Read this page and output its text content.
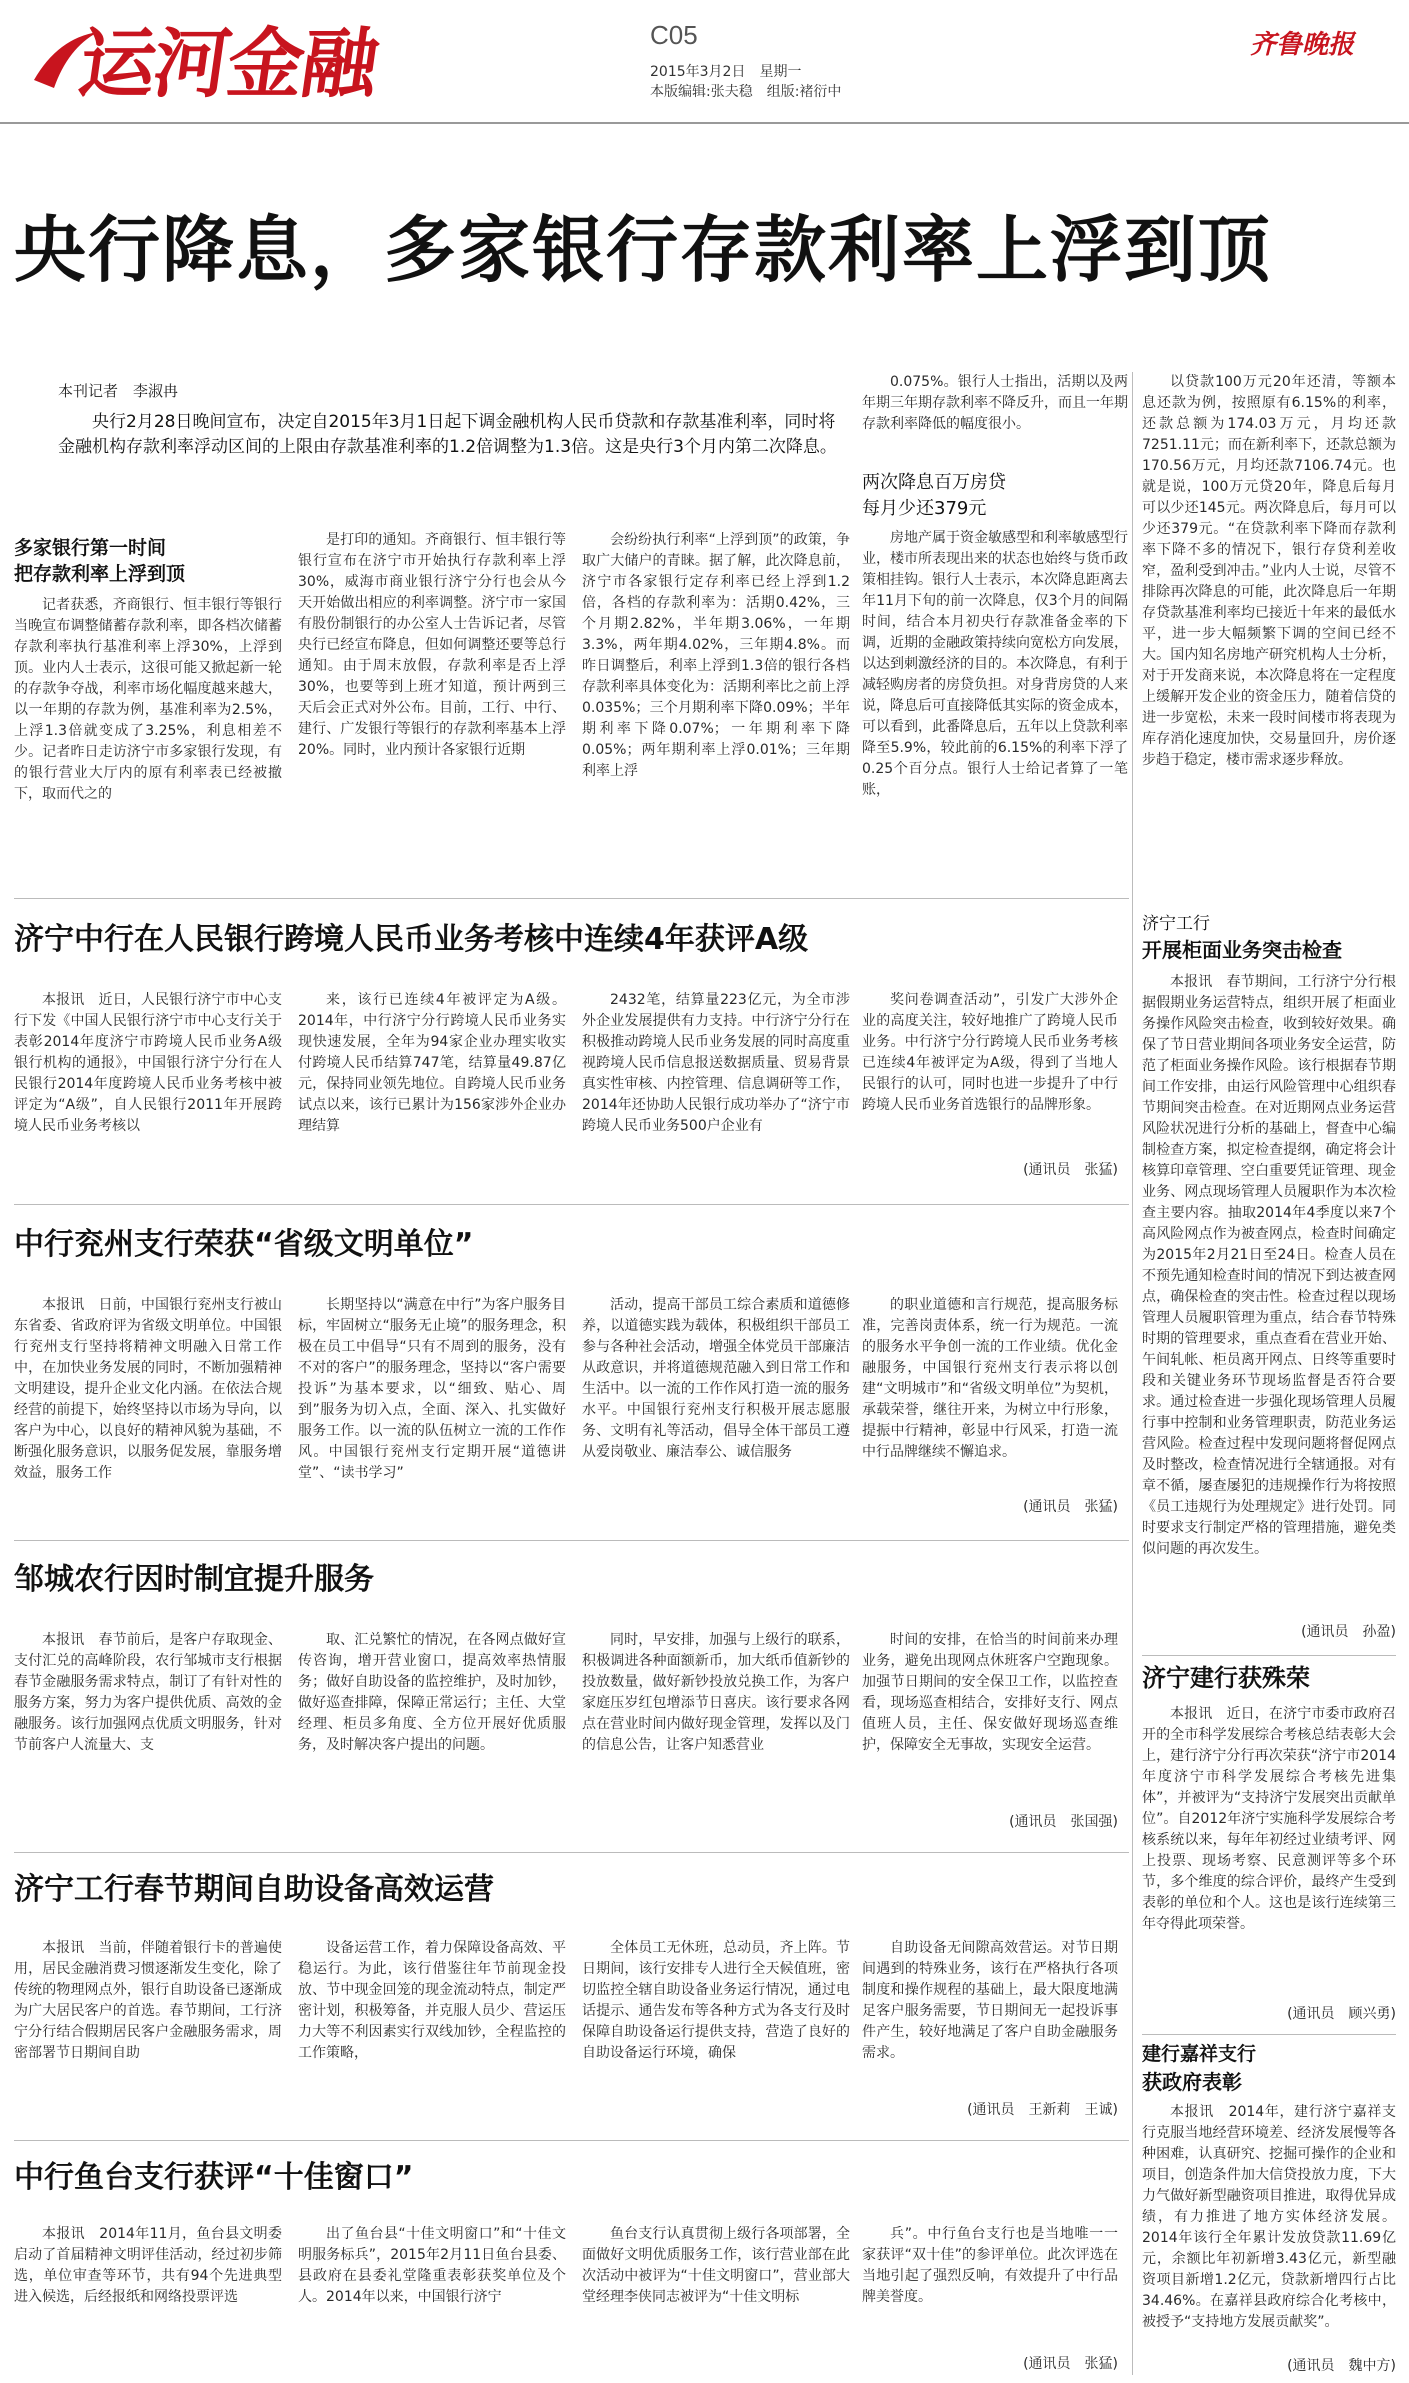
运河金融	C05
2015年3月2日　星期一
本版编辑:张夫稳　组版:褚衍中
齐鲁晚报
央行降息，多家银行存款利率上浮到顶
本刊记者　李淑冉
央行2月28日晚间宣布，决定自2015年3月1日起下调金融机构人民币贷款和存款基准利率，同时将金融机构存款利率浮动区间的上限由存款基准利率的1.2倍调整为1.3倍。这是央行3个月内第二次降息。
多家银行第一时间
把存款利率上浮到顶

记者获悉，齐商银行、恒丰银行等银行当晚宣布调整储蓄存款利率，即各档次储蓄存款利率执行基准利率上浮30%，上浮到顶。业内人士表示，这很可能又掀起新一轮的存款争夺战，利率市场化幅度越来越大，以一年期的存款为例，基准利率为2.5%，上浮1.3倍就变成了3.25%，利息相差不少。记者昨日走访济宁市多家银行发现，有的银行营业大厅内的原有利率表已经被撤下，取而代之的

是打印的通知。齐商银行、恒丰银行等银行宣布在济宁市开始执行存款利率上浮30%，威海市商业银行济宁分行也会从今天开始做出相应的利率调整。济宁市一家国有股份制银行的办公室人士告诉记者，尽管央行已经宣布降息，但如何调整还要等总行通知。由于周末放假，存款利率是否上浮30%，也要等到上班才知道，预计两到三天后会正式对外公布。目前，工行、中行、建行、广发银行等银行的存款利率基本上浮20%。同时，业内预计各家银行近期

会纷纷执行利率“上浮到顶”的政策，争取广大储户的青睐。据了解，此次降息前，济宁市各家银行定存利率已经上浮到1.2倍，各档的存款利率为：活期0.42%，三个月期2.82%，半年期3.06%，一年期3.3%，两年期4.02%，三年期4.8%。而昨日调整后，利率上浮到1.3倍的银行各档存款利率具体变化为：活期利率比之前上浮0.035%；三个月期利率下降0.09%；半年期利率下降0.07%；一年期利率下降0.05%；两年期利率上浮0.01%；三年期利率上浮

0.075%。银行人士指出，活期以及两年期三年期存款利率不降反升，而且一年期存款利率降低的幅度很小。

两次降息百万房贷
每月少还379元

房地产属于资金敏感型和利率敏感型行业，楼市所表现出来的状态也始终与货币政策相挂钩。银行人士表示，本次降息距离去年11月下旬的前一次降息，仅3个月的间隔时间，结合本月初央行存款准备金率的下调，近期的金融政策持续向宽松方向发展，以达到刺激经济的目的。本次降息，有利于减轻购房者的房贷负担。对身背房贷的人来说，降息后可直接降低其实际的资金成本，可以看到，此番降息后，五年以上贷款利率降至5.9%，较此前的6.15%的利率下浮了0.25个百分点。银行人士给记者算了一笔账，

以贷款100万元20年还清，等额本息还款为例，按照原有6.15%的利率，还款总额为174.03万元，月均还款7251.11元；而在新利率下，还款总额为170.56万元，月均还款7106.74元。也就是说，100万元贷20年，降息后每月可以少还145元。两次降息后，每月可以少还379元。“在贷款利率下降而存款利率下降不多的情况下，银行存贷利差收窄，盈利受到冲击。”业内人士说，尽管不排除再次降息的可能，此次降息后一年期存贷款基准利率均已接近十年来的最低水平，进一步大幅频繁下调的空间已经不大。国内知名房地产研究机构人士分析，对于开发商来说，本次降息将在一定程度上缓解开发企业的资金压力，随着信贷的进一步宽松，未来一段时间楼市将表现为库存消化速度加快，交易量回升，房价逐步趋于稳定，楼市需求逐步释放。

济宁中行在人民银行跨境人民币业务考核中连续4年获评A级

本报讯　近日，人民银行济宁市中心支行下发《中国人民银行济宁市中心支行关于表彰2014年度济宁市跨境人民币业务A级银行机构的通报》，中国银行济宁分行在人民银行2014年度跨境人民币业务考核中被评定为“A级”，自人民银行2011年开展跨境人民币业务考核以

来，该行已连续4年被评定为A级。2014年，中行济宁分行跨境人民币业务实现快速发展，全年为94家企业办理实收实付跨境人民币结算747笔，结算量49.87亿元，保持同业领先地位。自跨境人民币业务试点以来，该行已累计为156家涉外企业办理结算

2432笔，结算量223亿元，为全市涉外企业发展提供有力支持。中行济宁分行在积极推动跨境人民币业务发展的同时高度重视跨境人民币信息报送数据质量、贸易背景真实性审核、内控管理、信息调研等工作，2014年还协助人民银行成功举办了“济宁市跨境人民币业务500户企业有

奖问卷调查活动”，引发广大涉外企业的高度关注，较好地推广了跨境人民币业务。中行济宁分行跨境人民币业务考核已连续4年被评定为A级，得到了当地人民银行的认可，同时也进一步提升了中行跨境人民币业务首选银行的品牌形象。

(通讯员　张猛)
中行兖州支行荣获“省级文明单位”

本报讯　日前，中国银行兖州支行被山东省委、省政府评为省级文明单位。中国银行兖州支行坚持将精神文明融入日常工作中，在加快业务发展的同时，不断加强精神文明建设，提升企业文化内涵。在依法合规经营的前提下，始终坚持以市场为导向，以客户为中心，以良好的精神风貌为基础，不断强化服务意识，以服务促发展，靠服务增效益，服务工作

长期坚持以“满意在中行”为客户服务目标，牢固树立“服务无止境”的服务理念，积极在员工中倡导“只有不周到的服务，没有不对的客户”的服务理念，坚持以“客户需要投诉”为基本要求，以“细致、贴心、周到”服务为切入点，全面、深入、扎实做好服务工作。以一流的队伍树立一流的工作作风。中国银行兖州支行定期开展“道德讲堂”、“读书学习”

活动，提高干部员工综合素质和道德修养，以道德实践为载体，积极组织干部员工参与各种社会活动，增强全体党员干部廉洁从政意识，并将道德规范融入到日常工作和生活中。以一流的工作作风打造一流的服务水平。中国银行兖州支行积极开展志愿服务、文明有礼等活动，倡导全体干部员工遵从爱岗敬业、廉洁奉公、诚信服务

的职业道德和言行规范，提高服务标准，完善岗责体系，统一行为规范。一流的服务水平争创一流的工作业绩。优化金融服务，中国银行兖州支行表示将以创建“文明城市”和“省级文明单位”为契机，承载荣誉，继往开来，为树立中行形象，提振中行精神，彰显中行风采，打造一流中行品牌继续不懈追求。

(通讯员　张猛)
邹城农行因时制宜提升服务

本报讯　春节前后，是客户存取现金、支付汇兑的高峰阶段，农行邹城市支行根据春节金融服务需求特点，制订了有针对性的服务方案，努力为客户提供优质、高效的金融服务。该行加强网点优质文明服务，针对节前客户人流量大、支

取、汇兑繁忙的情况，在各网点做好宣传咨询，增开营业窗口，提高效率热情服务；做好自助设备的监控维护，及时加钞，做好巡查排障，保障正常运行；主任、大堂经理、柜员多角度、全方位开展好优质服务，及时解决客户提出的问题。

同时，早安排，加强与上级行的联系，积极调进各种面额新币，加大纸币值新钞的投放数量，做好新钞投放兑换工作，为客户家庭压岁红包增添节日喜庆。该行要求各网点在营业时间内做好现金管理，发挥以及门的信息公告，让客户知悉营业

时间的安排，在恰当的时间前来办理业务，避免出现网点休班客户空跑现象。加强节日期间的安全保卫工作，以监控查看，现场巡查相结合，安排好支行、网点值班人员，主任、保安做好现场巡查维护，保障安全无事故，实现安全运营。

(通讯员　张国强)
济宁工行春节期间自助设备高效运营

本报讯　当前，伴随着银行卡的普遍使用，居民金融消费习惯逐渐发生变化，除了传统的物理网点外，银行自助设备已逐渐成为广大居民客户的首选。春节期间，工行济宁分行结合假期居民客户金融服务需求，周密部署节日期间自助

设备运营工作，着力保障设备高效、平稳运行。为此，该行借鉴往年节前现金投放、节中现金回笼的现金流动特点，制定严密计划，积极筹备，并克服人员少、营运压力大等不利因素实行双线加钞，全程监控的工作策略，

全体员工无休班，总动员，齐上阵。节日期间，该行安排专人进行全天候值班，密切监控全辖自助设备业务运行情况，通过电话提示、通告发布等各种方式为各支行及时保障自助设备运行提供支持，营造了良好的自助设备运行环境，确保

自助设备无间隙高效营运。对节日期间遇到的特殊业务，该行在严格执行各项制度和操作规程的基础上，最大限度地满足客户服务需要，节日期间无一起投诉事件产生，较好地满足了客户自助金融服务需求。

(通讯员　王新莉　王诚)
中行鱼台支行获评“十佳窗口”

本报讯　2014年11月，鱼台县文明委启动了首届精神文明评佳活动，经过初步筛选，单位审查等环节，共有94个先进典型进入候选，后经报纸和网络投票评选

出了鱼台县“十佳文明窗口”和“十佳文明服务标兵”，2015年2月11日鱼台县委、县政府在县委礼堂隆重表彰获奖单位及个人。2014年以来，中国银行济宁

鱼台支行认真贯彻上级行各项部署，全面做好文明优质服务工作，该行营业部在此次活动中被评为“十佳文明窗口”，营业部大堂经理李侠同志被评为“十佳文明标

兵”。中行鱼台支行也是当地唯一一家获评“双十佳”的参评单位。此次评选在当地引起了强烈反响，有效提升了中行品牌美誉度。

(通讯员　张猛)
济宁工行
开展柜面业务突击检查

本报讯　春节期间，工行济宁分行根据假期业务运营特点，组织开展了柜面业务操作风险突击检查，收到较好效果。确保了节日营业期间各项业务安全运营，防范了柜面业务操作风险。该行根据春节期间工作安排，由运行风险管理中心组织春节期间突击检查。在对近期网点业务运营风险状况进行分析的基础上，督查中心编制检查方案，拟定检查提纲，确定将会计核算印章管理、空白重要凭证管理、现金业务、网点现场管理人员履职作为本次检查主要内容。抽取2014年4季度以来7个高风险网点作为被查网点，检查时间确定为2015年2月21日至24日。检查人员在不预先通知检查时间的情况下到达被查网点，确保检查的突击性。检查过程以现场管理人员履职管理为重点，结合春节特殊时期的管理要求，重点查看在营业开始、午间轧帐、柜员离开网点、日终等重要时段和关键业务环节现场监督是否符合要求。通过检查进一步强化现场管理人员履行事中控制和业务管理职责，防范业务运营风险。检查过程中发现问题将督促网点及时整改，检查情况进行全辖通报。对有章不循，屡查屡犯的违规操作行为将按照《员工违规行为处理规定》进行处罚。同时要求支行制定严格的管理措施，避免类似问题的再次发生。

(通讯员　孙盈)
济宁建行获殊荣

本报讯　近日，在济宁市委市政府召开的全市科学发展综合考核总结表彰大会上，建行济宁分行再次荣获“济宁市2014年度济宁市科学发展综合考核先进集体”，并被评为“支持济宁发展突出贡献单位”。自2012年济宁实施科学发展综合考核系统以来，每年年初经过业绩考评、网上投票、现场考察、民意测评等多个环节，多个维度的综合评价，最终产生受到表彰的单位和个人。这也是该行连续第三年夺得此项荣誉。

(通讯员　顾兴勇)
建行嘉祥支行
获政府表彰

本报讯　2014年，建行济宁嘉祥支行克服当地经营环境差、经济发展慢等各种困难，认真研究、挖掘可操作的企业和项目，创造条件加大信贷投放力度，下大力气做好新型融资项目推进，取得优异成绩，有力推进了地方实体经济发展。2014年该行全年累计发放贷款11.69亿元，余额比年初新增3.43亿元，新型融资项目新增1.2亿元，贷款新增四行占比34.46%。在嘉祥县政府综合化考核中，被授予“支持地方发展贡献奖”。

(通讯员　魏中方)
